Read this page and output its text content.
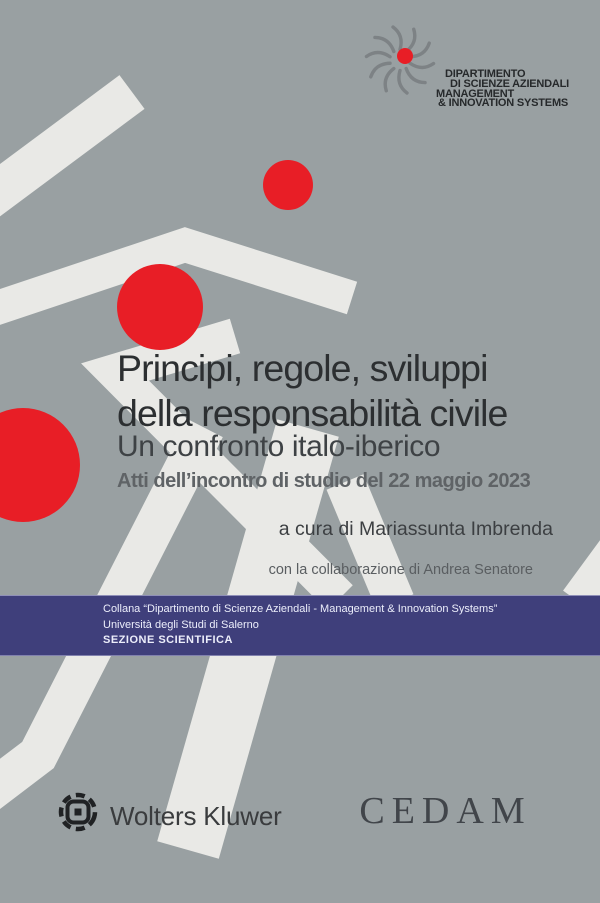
DIPARTIMENTO
DI SCIENZE AZIENDALI
MANAGEMENT
& INNOVATION SYSTEMS
Principi, regole, sviluppi
della responsabilità civile
Un confronto italo-iberico
Atti dell’incontro di studio del 22 maggio 2023
a cura di Mariassunta Imbrenda
con la collaborazione di Andrea Senatore
Collana “Dipartimento di Scienze Aziendali - Management & Innovation Systems”
Università degli Studi di Salerno
SEZIONE SCIENTIFICA
Wolters Kluwer CEDAM
